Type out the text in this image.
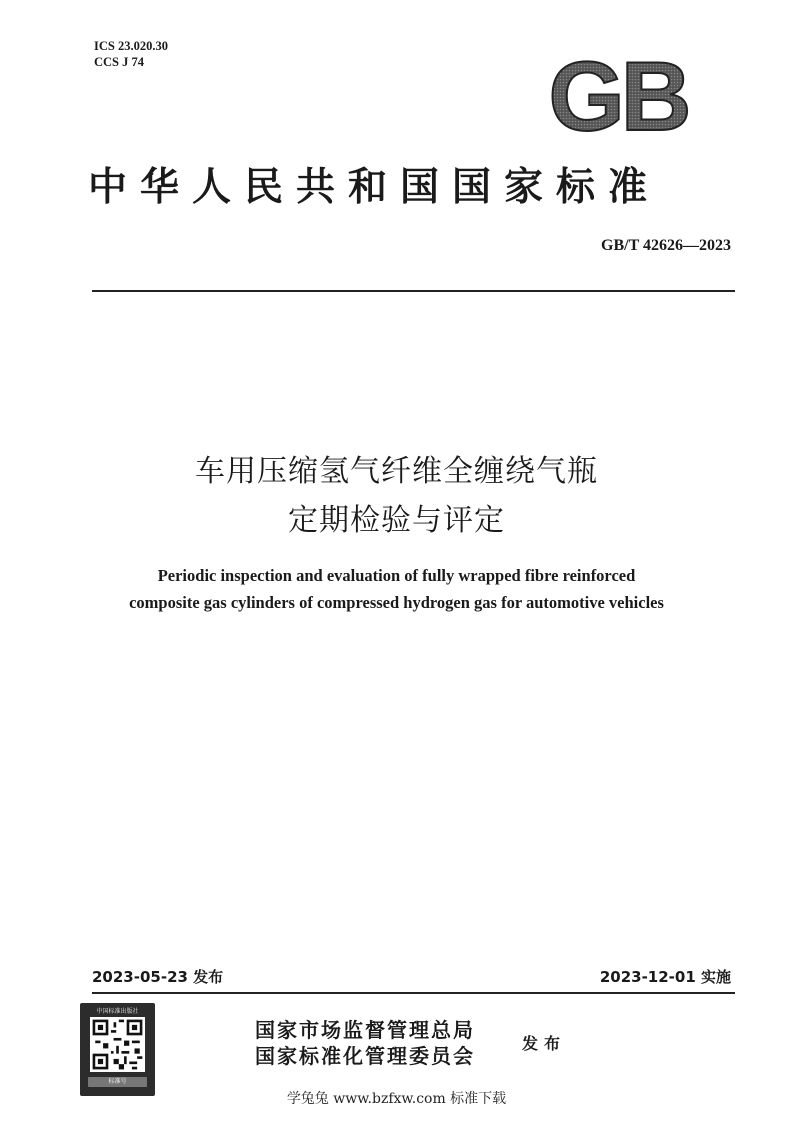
ICS 23.020.30
CCS J 74	GB
中华人民共和国国家标准
GB/T 42626—2023
车用压缩氢气纤维全缠绕气瓶
定期检验与评定
Periodic inspection and evaluation of fully wrapped fibre reinforced
composite gas cylinders of compressed hydrogen gas for automotive vehicles
2023-05-23 发布	2023-12-01 实施
中国标准出版社
标准号
国家市场监督管理总局
国家标准化管理委员会
发布
学兔兔 www.bzfxw.com 标准下载
